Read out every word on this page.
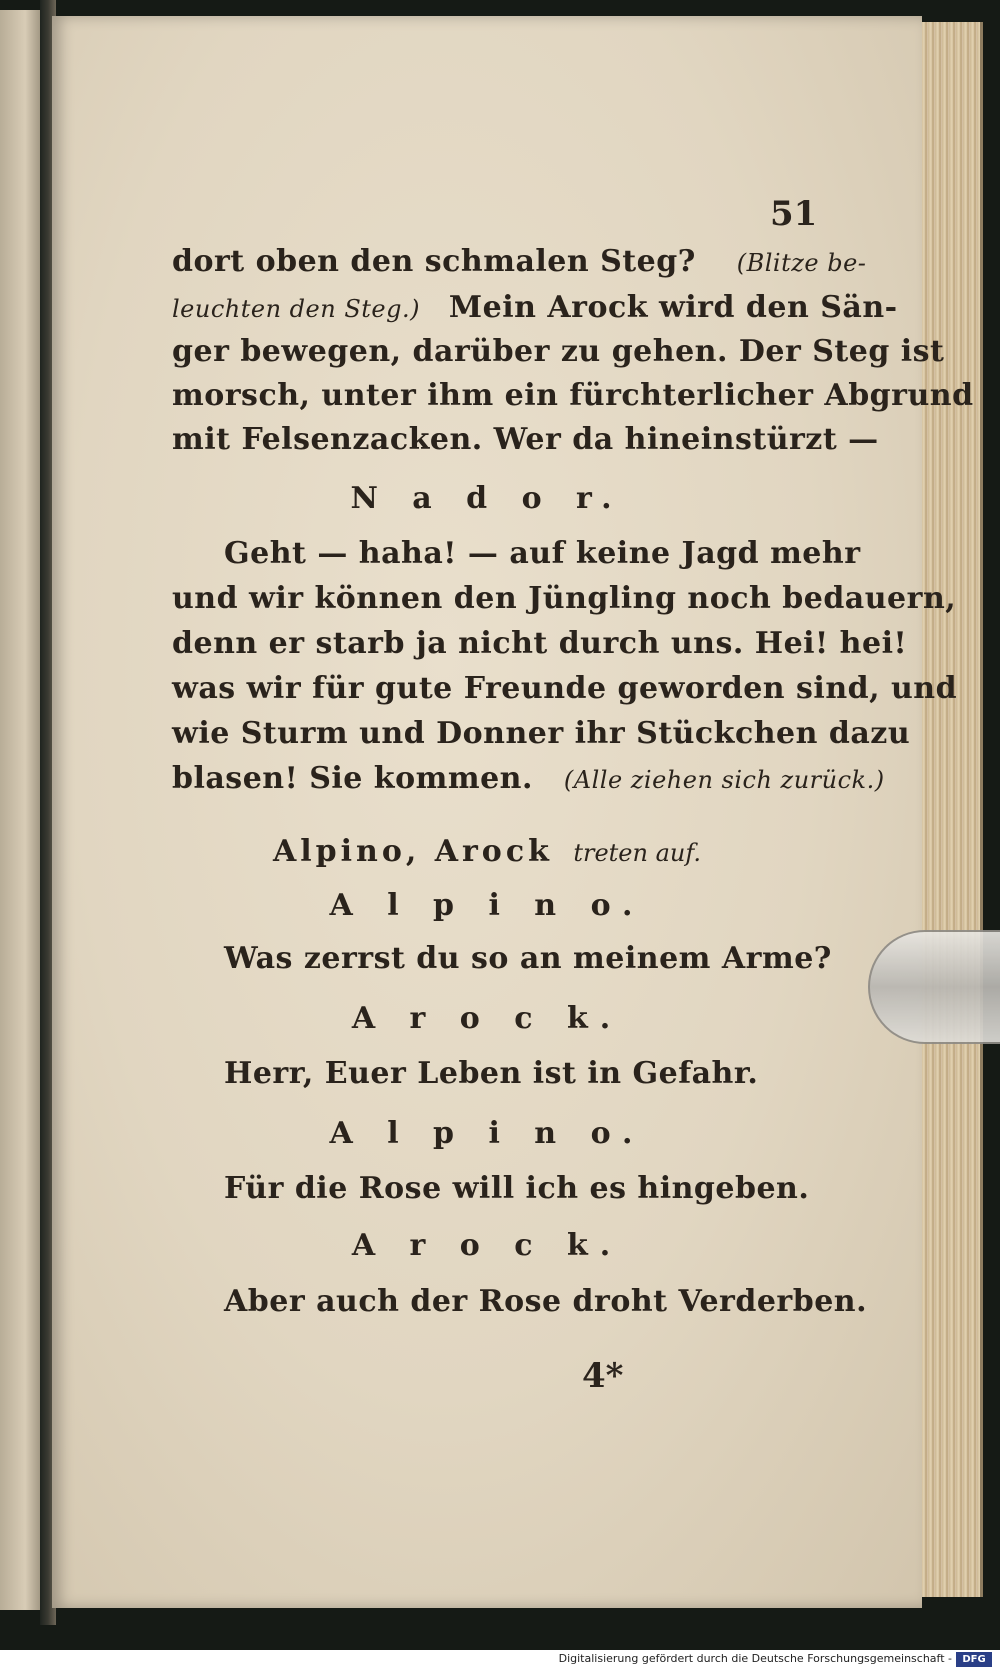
51
dort oben den schmalen Steg? (Blitze be-
leuchten den Steg.) Mein Arock wird den Sän-
ger bewegen, darüber zu gehen. Der Steg ist
morsch, unter ihm ein fürchterlicher Abgrund
mit Felsenzacken. Wer da hineinstürzt —
N a d o r.
Geht — haha! — auf keine Jagd mehr
und wir können den Jüngling noch bedauern,
denn er starb ja nicht durch uns. Hei! hei!
was wir für gute Freunde geworden sind, und
wie Sturm und Donner ihr Stückchen dazu
blasen! Sie kommen. (Alle ziehen sich zurück.)
Alpino, Arock treten auf.
A l p i n o.
Was zerrst du so an meinem Arme?
A r o c k.
Herr, Euer Leben ist in Gefahr.
A l p i n o.
Für die Rose will ich es hingeben.
A r o c k.
Aber auch der Rose droht Verderben.
4*
Digitalisierung gefördert durch die Deutsche Forschungsgemeinschaft -	DFG
